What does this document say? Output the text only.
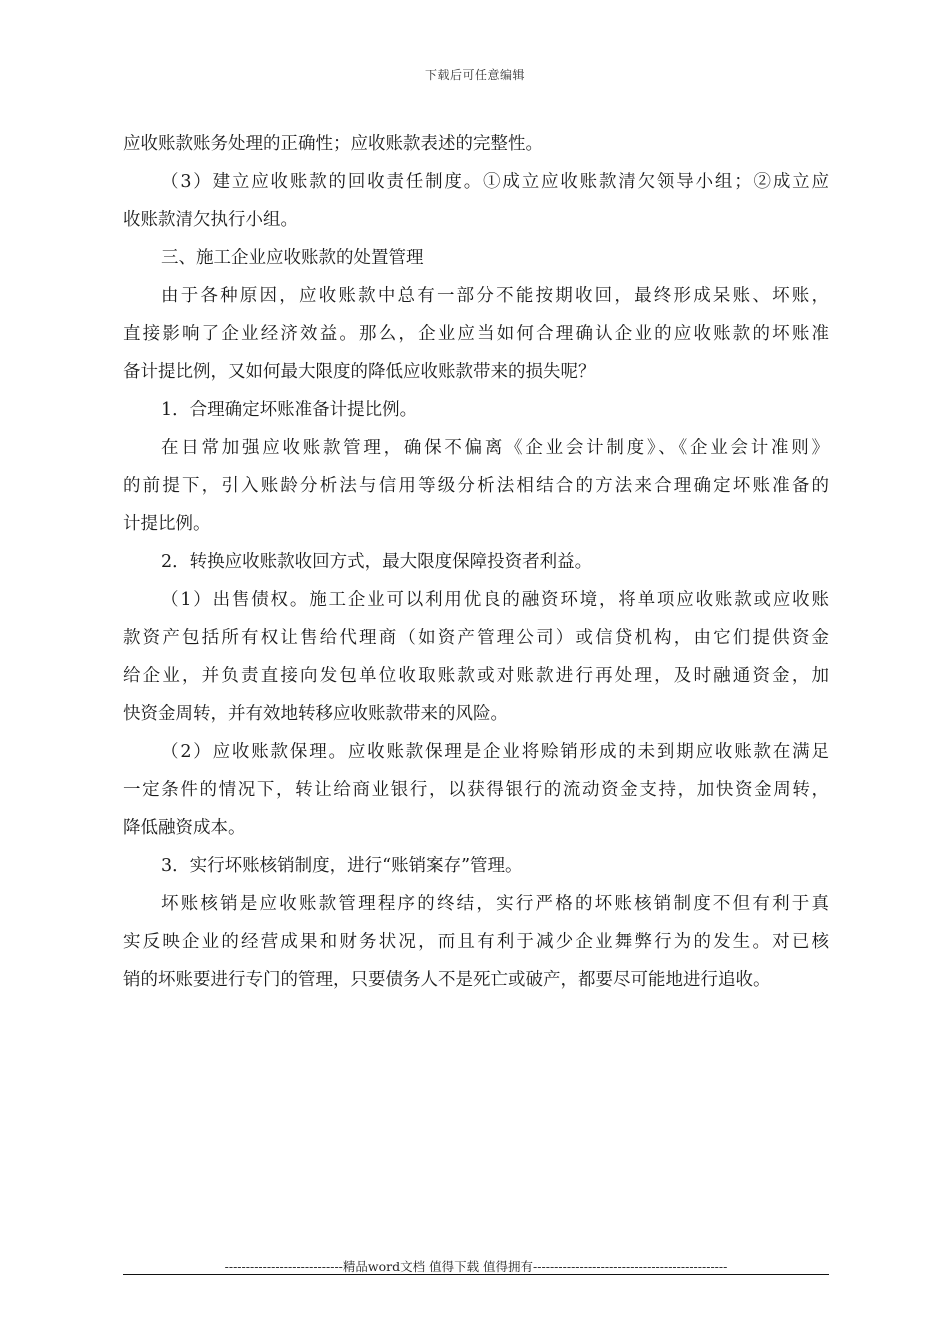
下载后可任意编辑
应收账款账务处理的正确性；应收账款表述的完整性。
（3）建立应收账款的回收责任制度。①成立应收账款清欠领导小组；②成立应
收账款清欠执行小组。
三、施工企业应收账款的处置管理
由于各种原因，应收账款中总有一部分不能按期收回，最终形成呆账、坏账，
直接影响了企业经济效益。那么，企业应当如何合理确认企业的应收账款的坏账准
备计提比例，又如何最大限度的降低应收账款带来的损失呢？
1．合理确定坏账准备计提比例。
在日常加强应收账款管理，确保不偏离《企业会计制度》、《企业会计准则》
的前提下，引入账龄分析法与信用等级分析法相结合的方法来合理确定坏账准备的
计提比例。
2．转换应收账款收回方式，最大限度保障投资者利益。
（1）出售债权。施工企业可以利用优良的融资环境，将单项应收账款或应收账
款资产包括所有权让售给代理商（如资产管理公司）或信贷机构，由它们提供资金
给企业，并负责直接向发包单位收取账款或对账款进行再处理，及时融通资金，加
快资金周转，并有效地转移应收账款带来的风险。
（2）应收账款保理。应收账款保理是企业将赊销形成的未到期应收账款在满足
一定条件的情况下，转让给商业银行，以获得银行的流动资金支持，加快资金周转，
降低融资成本。
3．实行坏账核销制度，进行“账销案存”管理。
坏账核销是应收账款管理程序的终结，实行严格的坏账核销制度不但有利于真
实反映企业的经营成果和财务状况，而且有利于减少企业舞弊行为的发生。对已核
销的坏账要进行专门的管理，只要债务人不是死亡或破产，都要尽可能地进行追收。
----------------------------精品word文档 值得下载 值得拥有----------------------------------------------
